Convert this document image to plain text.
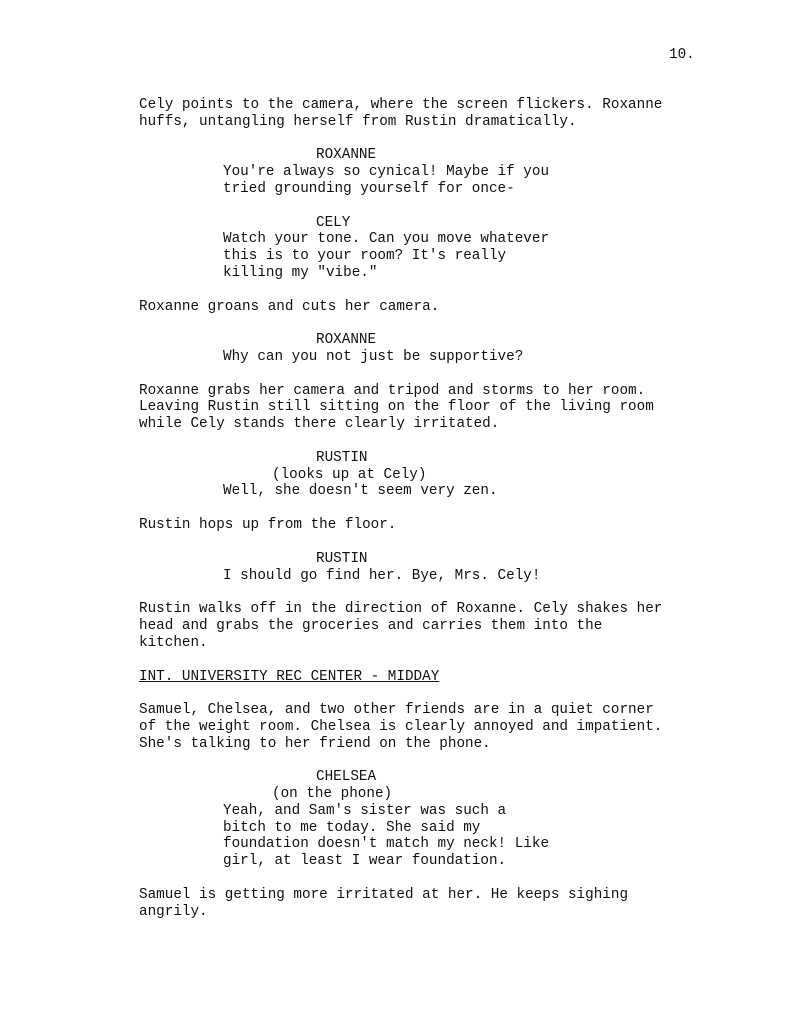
10.
Cely points to the camera, where the screen flickers. Roxanne
huffs, untangling herself from Rustin dramatically.
ROXANNE
You're always so cynical! Maybe if you
tried grounding yourself for once-
CELY
Watch your tone. Can you move whatever
this is to your room? It's really
killing my "vibe."
Roxanne groans and cuts her camera.
ROXANNE
Why can you not just be supportive?
Roxanne grabs her camera and tripod and storms to her room.
Leaving Rustin still sitting on the floor of the living room
while Cely stands there clearly irritated.
RUSTIN
(looks up at Cely)
Well, she doesn't seem very zen.
Rustin hops up from the floor.
RUSTIN
I should go find her. Bye, Mrs. Cely!
Rustin walks off in the direction of Roxanne. Cely shakes her
head and grabs the groceries and carries them into the
kitchen.
INT. UNIVERSITY REC CENTER - MIDDAY
Samuel, Chelsea, and two other friends are in a quiet corner
of the weight room. Chelsea is clearly annoyed and impatient.
She's talking to her friend on the phone.
CHELSEA
(on the phone)
Yeah, and Sam's sister was such a
bitch to me today. She said my
foundation doesn't match my neck! Like
girl, at least I wear foundation.
Samuel is getting more irritated at her. He keeps sighing
angrily.
